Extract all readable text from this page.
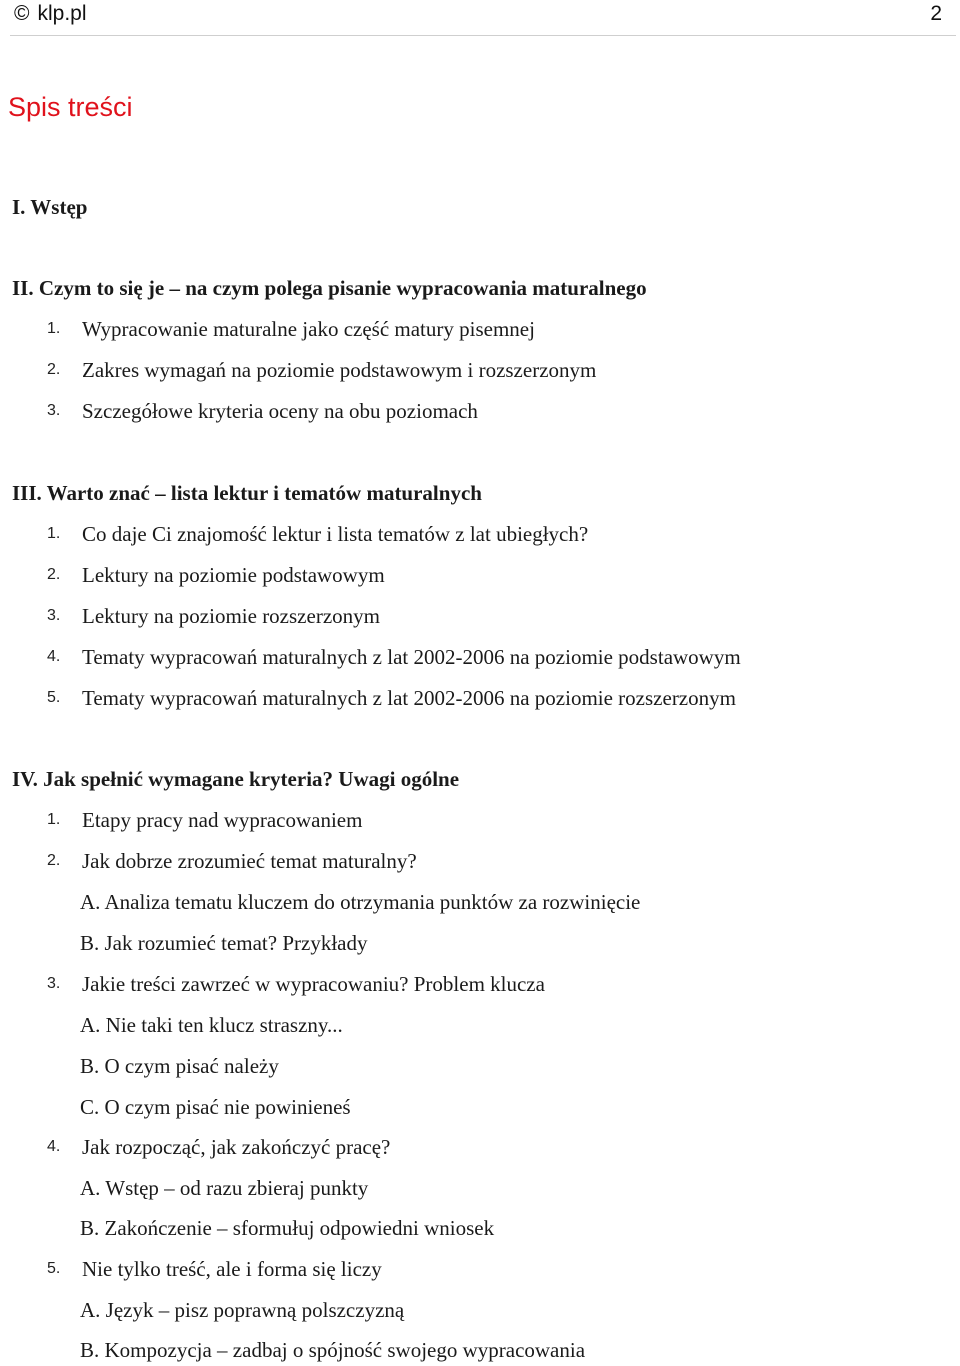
© klp.pl	2
Spis treści
I. Wstęp
II. Czym to się je – na czym polega pisanie wypracowania maturalnego
1. Wypracowanie maturalne jako część matury pisemnej
2. Zakres wymagań na poziomie podstawowym i rozszerzonym
3. Szczegółowe kryteria oceny na obu poziomach
III. Warto znać – lista lektur i tematów maturalnych
1. Co daje Ci znajomość lektur i lista tematów z lat ubiegłych?
2. Lektury na poziomie podstawowym
3. Lektury na poziomie rozszerzonym
4. Tematy wypracowań maturalnych z lat 2002-2006 na poziomie podstawowym
5. Tematy wypracowań maturalnych z lat 2002-2006 na poziomie rozszerzonym
IV. Jak spełnić wymagane kryteria? Uwagi ogólne
1. Etapy pracy nad wypracowaniem
2. Jak dobrze zrozumieć temat maturalny?
A. Analiza tematu kluczem do otrzymania punktów za rozwinięcie
B. Jak rozumieć temat? Przykłady
3. Jakie treści zawrzeć w wypracowaniu? Problem klucza
A. Nie taki ten klucz straszny...
B. O czym pisać należy
C. O czym pisać nie powinieneś
4. Jak rozpocząć, jak zakończyć pracę?
A. Wstęp – od razu zbieraj punkty
B. Zakończenie – sformułuj odpowiedni wniosek
5. Nie tylko treść, ale i forma się liczy
A. Język – pisz poprawną polszczyzną
B. Kompozycja – zadbaj o spójność swojego wypracowania
